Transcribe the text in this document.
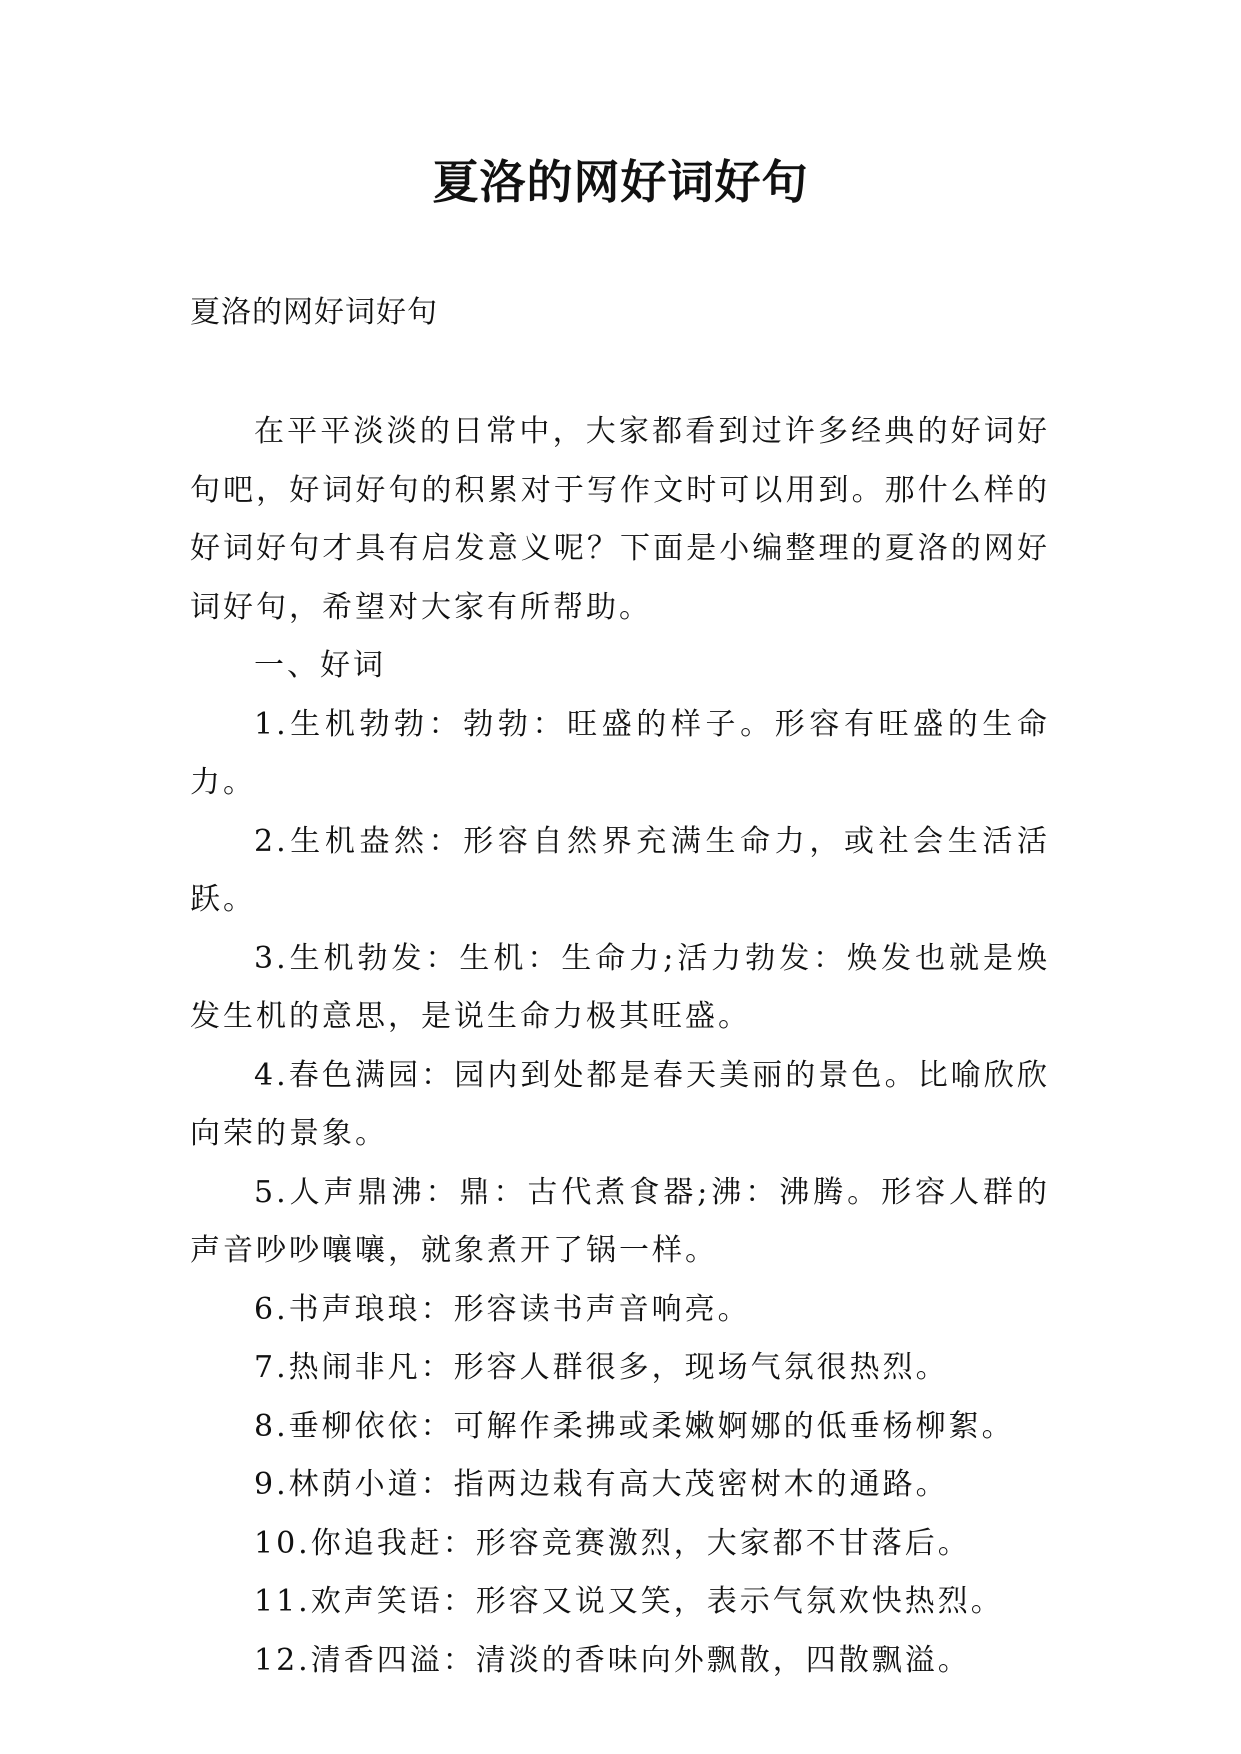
夏洛的网好词好句
夏洛的网好词好句

在平平淡淡的日常中，大家都看到过许多经典的好词好句吧，好词好句的积累对于写作文时可以用到。那什么样的好词好句才具有启发意义呢？下面是小编整理的夏洛的网好词好句，希望对大家有所帮助。

一、好词

1.生机勃勃：勃勃：旺盛的样子。形容有旺盛的生命力。

2.生机盎然：形容自然界充满生命力，或社会生活活跃。

3.生机勃发：生机：生命力;活力勃发：焕发也就是焕发生机的意思，是说生命力极其旺盛。

4.春色满园：园内到处都是春天美丽的景色。比喻欣欣向荣的景象。

5.人声鼎沸：鼎：古代煮食器;沸：沸腾。形容人群的声音吵吵嚷嚷，就象煮开了锅一样。

6.书声琅琅：形容读书声音响亮。

7.热闹非凡：形容人群很多，现场气氛很热烈。

8.垂柳依依：可解作柔拂或柔嫩婀娜的低垂杨柳絮。

9.林荫小道：指两边栽有高大茂密树木的通路。

10.你追我赶：形容竞赛激烈，大家都不甘落后。

11.欢声笑语：形容又说又笑，表示气氛欢快热烈。

12.清香四溢：清淡的香味向外飘散，四散飘溢。
